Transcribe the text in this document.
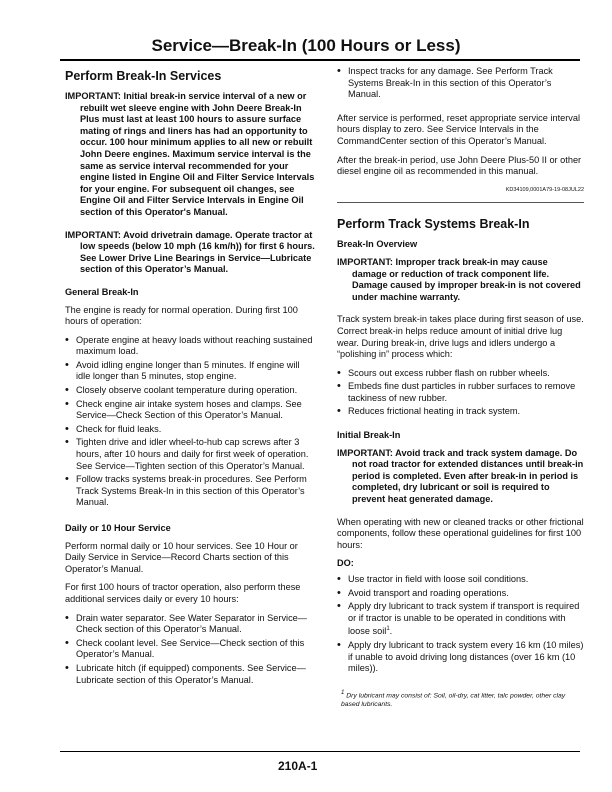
Service—Break-In (100 Hours or Less)
Perform Break-In Services

IMPORTANT: Initial break-in service interval of a new or rebuilt wet sleeve engine with John Deere Break-In Plus must last at least 100 hours to assure surface mating of rings and liners has had an opportunity to occur. 100 hour minimum applies to all new or rebuilt John Deere engines. Maximum service interval is the same as service interval recommended for your engine listed in Engine Oil and Filter Service Intervals for your engine. For subsequent oil changes, see Engine Oil and Filter Service Intervals in Engine Oil section of this Operator's Manual.

IMPORTANT: Avoid drivetrain damage. Operate tractor at low speeds (below 10 mph (16 km/h)) for first 6 hours. See Lower Drive Line Bearings in Service—Lubricate section of this Operator’s Manual.

General Break-In

The engine is ready for normal operation. During first 100 hours of operation:

• Operate engine at heavy loads without reaching sustained maximum load.
• Avoid idling engine longer than 5 minutes. If engine will idle longer than 5 minutes, stop engine.
• Closely observe coolant temperature during operation.
• Check engine air intake system hoses and clamps. See Service—Check Section of this Operator’s Manual.
• Check for fluid leaks.
• Tighten drive and idler wheel-to-hub cap screws after 3 hours, after 10 hours and daily for first week of operation. See Service—Tighten section of this Operator’s Manual.
• Follow tracks systems break-in procedures. See Perform Track Systems Break-In in this section of this Operator’s Manual.
Daily or 10 Hour Service

Perform normal daily or 10 hour services. See 10 Hour or Daily Service in Service—Record Charts section of this Operator’s Manual.

For first 100 hours of tractor operation, also perform these additional services daily or every 10 hours:

• Drain water separator. See Water Separator in Service—Check section of this Operator’s Manual.
• Check coolant level. See Service—Check section of this Operator’s Manual.
• Lubricate hitch (if equipped) components. See Service—Lubricate section of this Operator’s Manual.
• Inspect tracks for any damage. See Perform Track Systems Break-In in this section of this Operator’s Manual.

After service is performed, reset appropriate service interval hours display to zero. See Service Intervals in the CommandCenter section of this Operator’s Manual.

After the break-in period, use John Deere Plus-50 II or other diesel engine oil as recommended in this manual.

KD34109,0001A79-19-08JUL22
Perform Track Systems Break-In
Break-In Overview

IMPORTANT: Improper track break-in may cause damage or reduction of track component life. Damage caused by improper break-in is not covered under machine warranty.

Track system break-in takes place during first season of use. Correct break-in helps reduce amount of initial drive lug wear. During break-in, drive lugs and idlers undergo a “polishing in” process which:

• Scours out excess rubber flash on rubber wheels.
• Embeds fine dust particles in rubber surfaces to remove tackiness of new rubber.
• Reduces frictional heating in track system.
Initial Break-In

IMPORTANT: Avoid track and track system damage. Do not road tractor for extended distances until break-in period is completed. Even after break-in in period is completed, dry lubricant or soil is required to prevent heat generated damage.

When operating with new or cleaned tracks or other frictional components, follow these operational guidelines for first 100 hours:

DO:

• Use tractor in field with loose soil conditions.
• Avoid transport and roading operations.
• Apply dry lubricant to track system if transport is required or if tractor is unable to be operated in conditions with loose soil$^1$.
• Apply dry lubricant to track system every 16 km (10 miles) if unable to avoid driving long distances (over 16 km (10 miles)).
$^1$ Dry lubricant may consist of: Soil, oil-dry, cat litter, talc powder, other clay based lubricants.
210A-1
